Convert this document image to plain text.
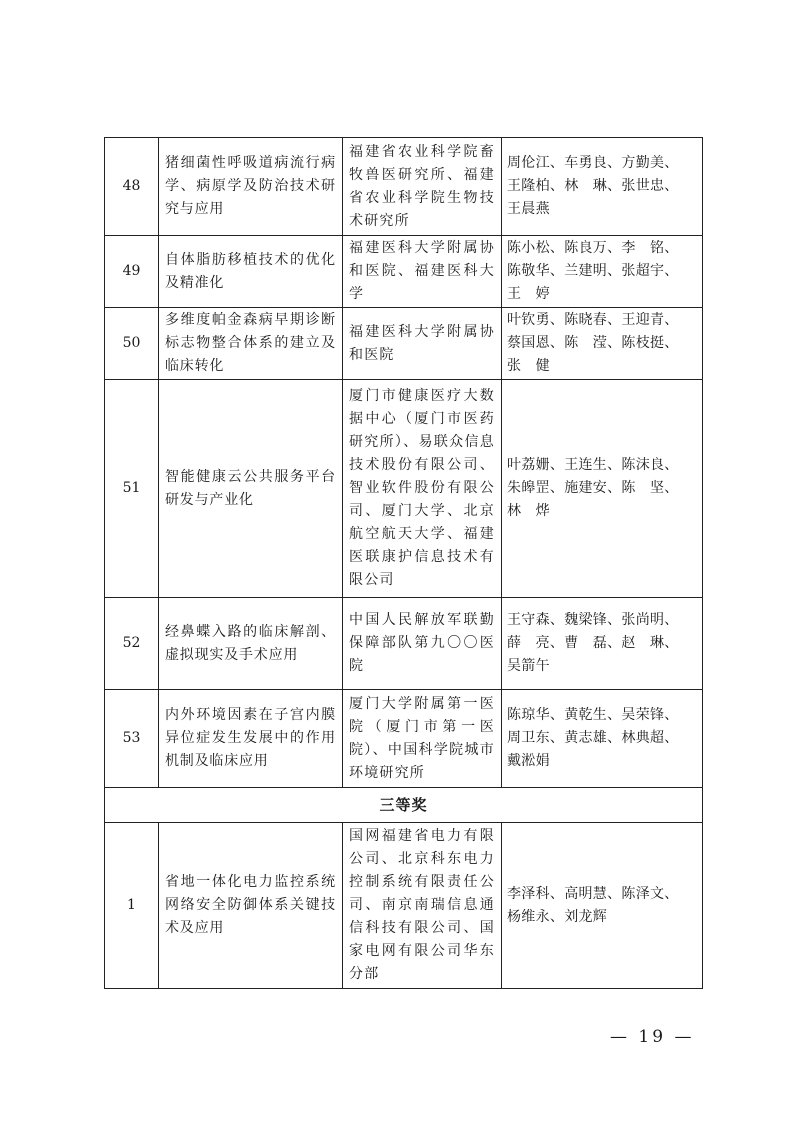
48	猪细菌性呼吸道病流行病学、病原学及防治技术研究与应用	福建省农业科学院畜牧兽医研究所、福建省农业科学院生物技术研究所	周伦江、车勇良、方勤美、
王隆柏、林　琳、张世忠、
王晨燕
49	自体脂肪移植技术的优化及精准化	福建医科大学附属协和医院、福建医科大学	陈小松、陈良万、李　铭、
陈敬华、兰建明、张超宇、
王　婷
50	多维度帕金森病早期诊断标志物整合体系的建立及临床转化	福建医科大学附属协和医院	叶钦勇、陈晓春、王迎青、
蔡国恩、陈　滢、陈枝挺、
张　健
51	智能健康云公共服务平台研发与产业化	厦门市健康医疗大数据中心（厦门市医药研究所）、易联众信息技术股份有限公司、智业软件股份有限公司、厦门大学、北京航空航天大学、福建医联康护信息技术有限公司	叶荔姗、王连生、陈沫良、
朱皞罡、施建安、陈　坚、
林　烨
52	经鼻蝶入路的临床解剖、虚拟现实及手术应用	中国人民解放军联勤保障部队第九〇〇医院	王守森、魏梁锋、张尚明、
薛　亮、曹　磊、赵　琳、
吴箭午
53	内外环境因素在子宫内膜异位症发生发展中的作用机制及临床应用	厦门大学附属第一医院（厦门市第一医院）、中国科学院城市环境研究所	陈琼华、黄乾生、吴荣锋、
周卫东、黄志雄、林典超、
戴淞娟
三等奖			
1	省地一体化电力监控系统网络安全防御体系关键技术及应用	国网福建省电力有限公司、北京科东电力控制系统有限责任公司、南京南瑞信息通信科技有限公司、国家电网有限公司华东分部	李泽科、高明慧、陈泽文、
杨维永、刘龙辉
— 19 —
